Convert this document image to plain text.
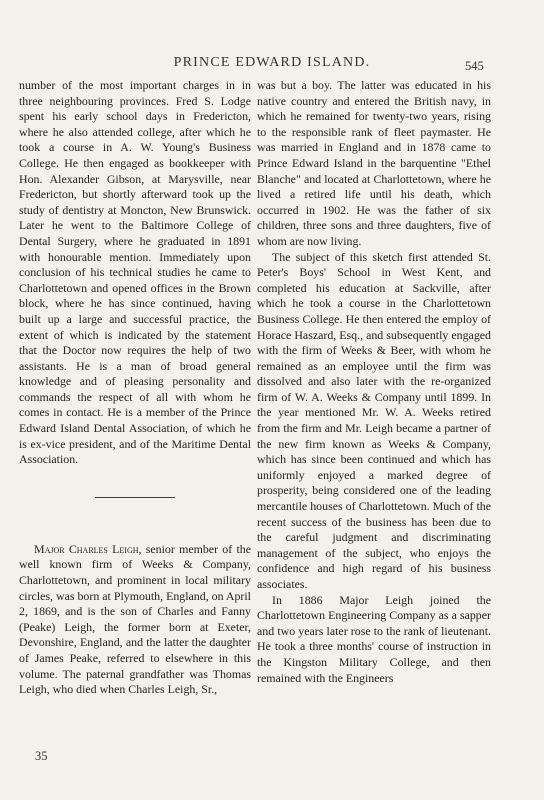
PRINCE EDWARD ISLAND.	545

number of the most important charges in in three neighbouring provinces. Fred S. Lodge spent his early school days in Fredericton, where he also attended college, after which he took a course in A. W. Young's Business College. He then engaged as bookkeeper with Hon. Alexander Gibson, at Marysville, near Fredericton, but shortly afterward took up the study of dentistry at Moncton, New Brunswick. Later he went to the Baltimore College of Dental Surgery, where he graduated in 1891 with honourable mention. Immediately upon conclusion of his technical studies he came to Charlottetown and opened offices in the Brown block, where he has since continued, having built up a large and successful practice, the extent of which is indicated by the statement that the Doctor now requires the help of two assistants. He is a man of broad general knowledge and of pleasing personality and commands the respect of all with whom he comes in contact. He is a member of the Prince Edward Island Dental Association, of which he is ex-vice president, and of the Maritime Dental Association.

Major Charles Leigh, senior member of the well known firm of Weeks & Company, Charlottetown, and prominent in local military circles, was born at Plymouth, England, on April 2, 1869, and is the son of Charles and Fanny (Peake) Leigh, the former born at Exeter, Devonshire, England, and the latter the daughter of James Peake, referred to elsewhere in this volume. The paternal grandfather was Thomas Leigh, who died when Charles Leigh, Sr.,

was but a boy. The latter was educated in his native country and entered the British navy, in which he remained for twenty-two years, rising to the responsible rank of fleet paymaster. He was married in England and in 1878 came to Prince Edward Island in the barquentine "Ethel Blanche" and located at Charlottetown, where he lived a retired life until his death, which occurred in 1902. He was the father of six children, three sons and three daughters, five of whom are now living.

The subject of this sketch first attended St. Peter's Boys' School in West Kent, and completed his education at Sackville, after which he took a course in the Charlottetown Business College. He then entered the employ of Horace Haszard, Esq., and subsequently engaged with the firm of Weeks & Beer, with whom he remained as an employee until the firm was dissolved and also later with the re-organized firm of W. A. Weeks & Company until 1899. In the year mentioned Mr. W. A. Weeks retired from the firm and Mr. Leigh became a partner of the new firm known as Weeks & Company, which has since been continued and which has uniformly enjoyed a marked degree of prosperity, being considered one of the leading mercantile houses of Charlottetown. Much of the recent success of the business has been due to the careful judgment and discriminating management of the subject, who enjoys the confidence and high regard of his business associates.

In 1886 Major Leigh joined the Charlottetown Engineering Company as a sapper and two years later rose to the rank of lieutenant. He took a three months' course of instruction in the Kingston Military College, and then remained with the Engineers

35
